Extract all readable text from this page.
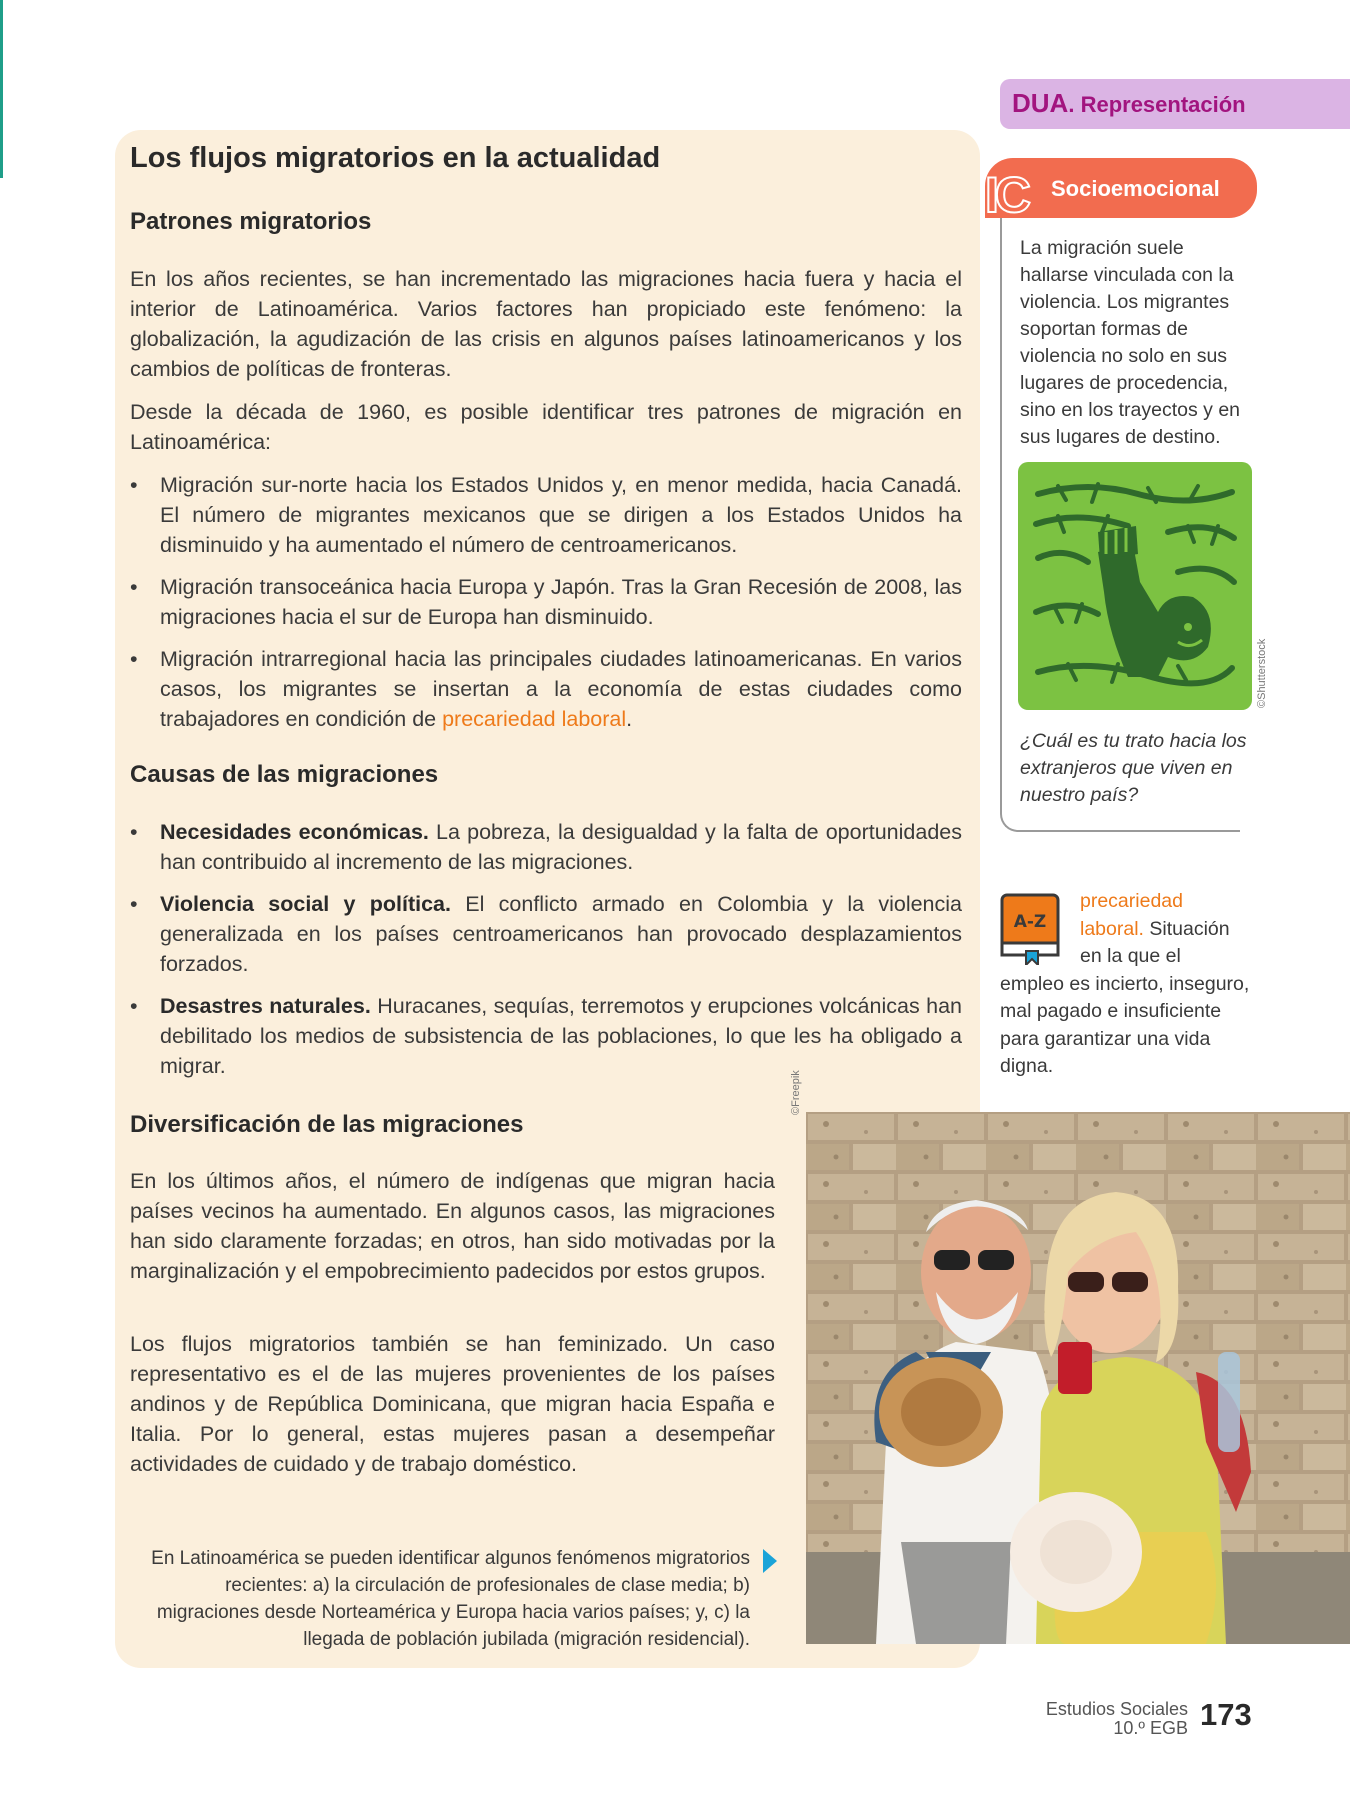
Los flujos migratorios en la actualidad
Patrones migratorios

En los años recientes, se han incrementado las migraciones hacia fuera y hacia el interior de Latinoamérica. Varios factores han propiciado este fenómeno: la globalización, la agudización de las crisis en algunos países latinoamericanos y los cambios de políticas de fronteras.

Desde la década de 1960, es posible identificar tres patrones de migración en Latinoamérica:

• Migración sur-norte hacia los Estados Unidos y, en menor medida, hacia Canadá. El número de migrantes mexicanos que se dirigen a los Estados Unidos ha disminuido y ha aumentado el número de centroamericanos.
• Migración transoceánica hacia Europa y Japón. Tras la Gran Recesión de 2008, las migraciones hacia el sur de Europa han disminuido.
• Migración intrarregional hacia las principales ciudades latinoamericanas. En varios casos, los migrantes se insertan a la economía de estas ciudades como trabajadores en condición de precariedad laboral.
Causas de las migraciones
• Necesidades económicas. La pobreza, la desigualdad y la falta de oportunidades han contribuido al incremento de las migraciones.
• Violencia social y política. El conflicto armado en Colombia y la violencia generalizada en los países centroamericanos han provocado desplazamientos forzados.
• Desastres naturales. Huracanes, sequías, terremotos y erupciones volcánicas han debilitado los medios de subsistencia de las poblaciones, lo que les ha obligado a migrar.
Diversificación de las migraciones

En los últimos años, el número de indígenas que migran hacia países vecinos ha aumentado. En algunos casos, las migraciones han sido claramente forzadas; en otros, han sido motivadas por la marginalización y el empobrecimiento padecidos por estos grupos.

Los flujos migratorios también se han feminizado. Un caso representativo es el de las mujeres provenientes de los países andinos y de República Dominicana, que migran hacia España e Italia. Por lo general, estas mujeres pasan a desempeñar actividades de cuidado y de trabajo doméstico.

©Freepik

En Latinoamérica se pueden identificar algunos fenómenos migratorios recientes: a) la circulación de profesionales de clase media; b) migraciones desde Norteamérica y Europa hacia varios países; y, c) la llegada de población jubilada (migración residencial).

DUA. Representación
IC Socioemocional

La migración suele hallarse vinculada con la violencia. Los migrantes soportan formas de violencia no solo en sus lugares de procedencia, sino en los trayectos y en sus lugares de destino.

©Shutterstock

¿Cuál es tu trato hacia los extranjeros que viven en nuestro país?

A-Z

precariedad laboral. Situación en la que el empleo es incierto, inseguro, mal pagado e insuficiente para garantizar una vida digna.

Estudios Sociales
10.º EGB 173
